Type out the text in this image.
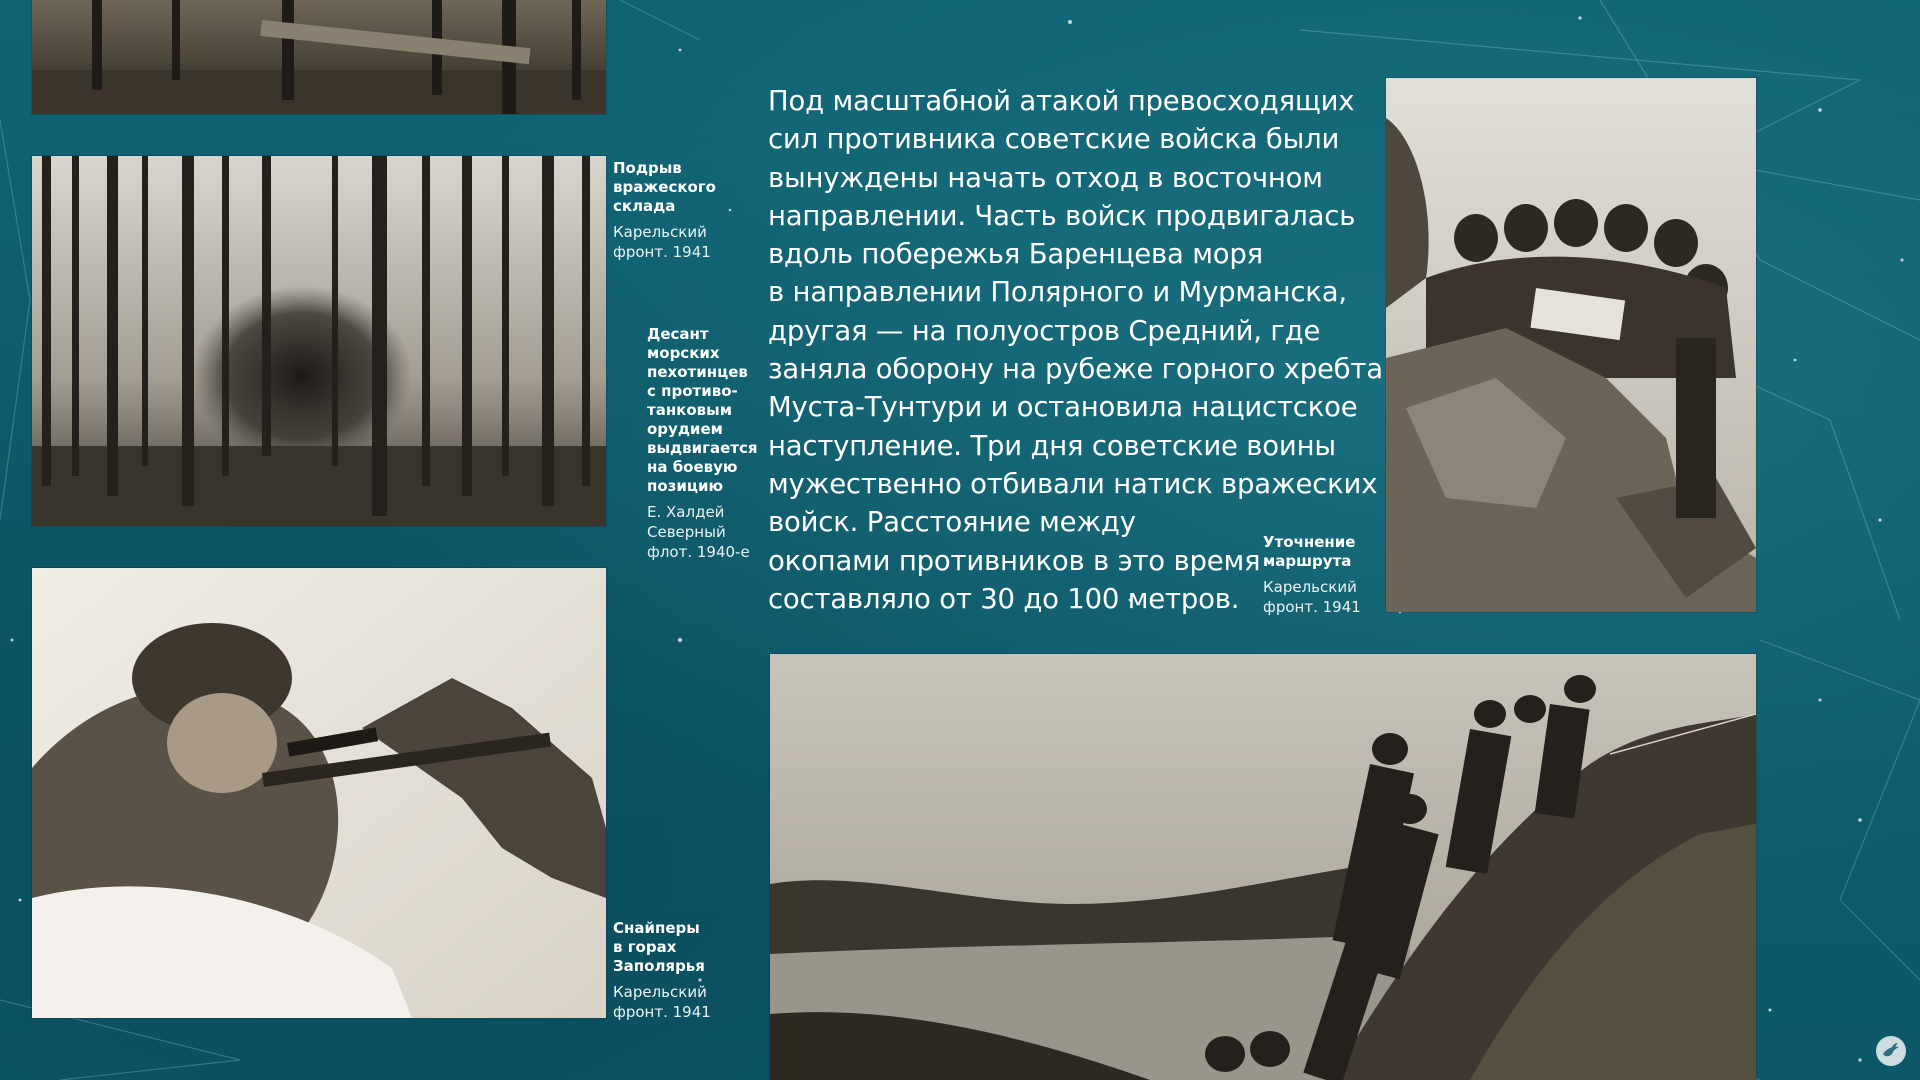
Подрыв
вражеского
склада
Карельский
фронт. 1941
Десант
морских
пехотинцев
с противо-
танковым
орудием
выдвигается
на боевую
позицию
Е. Халдей
Северный
флот. 1940-е
Снайперы
в горах
Заполярья
Карельский
фронт. 1941
Уточнение
маршрута
Карельский
фронт. 1941
Под масштабной атакой превосходящих
сил противника советские войска были
вынуждены начать отход в восточном
направлении. Часть войск продвигалась
вдоль побережья Баренцева моря
в направлении Полярного и Мурманска,
другая — на полуостров Средний, где
заняла оборону на рубеже горного хребта
Муста-Тунтури и остановила нацистское
наступление. Три дня советские воины
мужественно отбивали натиск вражеских
войск. Расстояние между
окопами противников в это время
составляло от 30 до 100 метров.
